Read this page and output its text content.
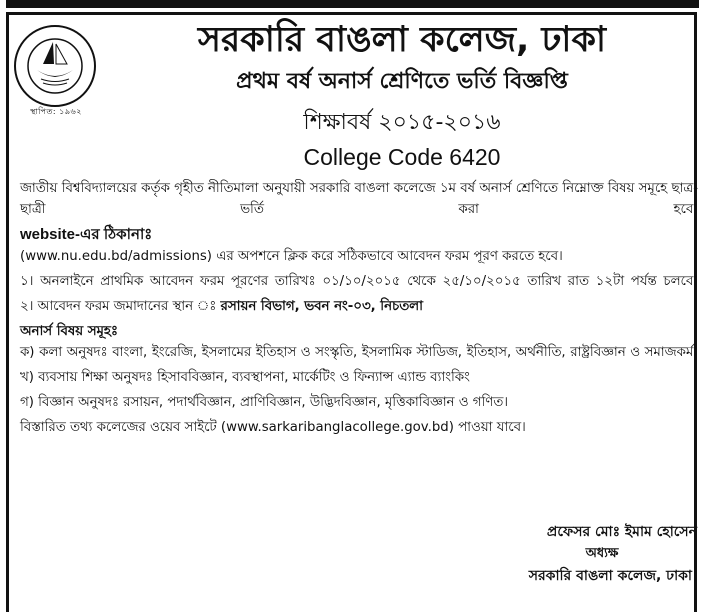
স্থাপিত: ১৯৬২
সরকারি বাঙলা কলেজ, ঢাকা
প্রথম বর্ষ অনার্স শ্রেণিতে ভর্তি বিজ্ঞপ্তি
শিক্ষাবর্ষ ২০১৫-২০১৬
College Code 6420

জাতীয় বিশ্ববিদ্যালয়ের কর্তৃক গৃহীত নীতিমালা অনুযায়ী সরকারি বাঙলা কলেজে ১ম বর্ষ অনার্স শ্রেণিতে নিম্নোক্ত বিষয় সমূহে ছাত্র-ছাত্রী ভর্তি করা হবে।

website-এর ঠিকানাঃ

(www.nu.edu.bd/admissions) এর অপশনে ক্লিক করে সঠিকভাবে আবেদন ফরম পূরণ করতে হবে।

১। অনলাইনে প্রাথমিক আবেদন ফরম পূরণের তারিখঃ ০১/১০/২০১৫ থেকে ২৫/১০/২০১৫ তারিখ রাত ১২টা পর্যন্ত চলবে।

২। আবেদন ফরম জমাদানের স্থান ঃ রসায়ন বিভাগ, ভবন নং-০৩, নিচতলা

অনার্স বিষয় সমূহঃ

ক) কলা অনুষদঃ বাংলা, ইংরেজি, ইসলামের ইতিহাস ও সংস্কৃতি, ইসলামিক স্টাডিজ, ইতিহাস, অর্থনীতি, রাষ্ট্রবিজ্ঞান ও সমাজকর্ম।

খ) ব্যবসায় শিক্ষা অনুষদঃ হিসাববিজ্ঞান, ব্যবস্থাপনা, মার্কেটিং ও ফিন্যান্স এ্যান্ড ব্যাংকিং

গ) বিজ্ঞান অনুষদঃ রসায়ন, পদার্থবিজ্ঞান, প্রাণিবিজ্ঞান, উদ্ভিদবিজ্ঞান, মৃত্তিকাবিজ্ঞান ও গণিত।

বিস্তারিত তথ্য কলেজের ওয়েব সাইটে (www.sarkaribanglacollege.gov.bd) পাওয়া যাবে।

প্রফেসর মোঃ ইমাম হোসেন
অধ্যক্ষ
সরকারি বাঙলা কলেজ, ঢাকা।
